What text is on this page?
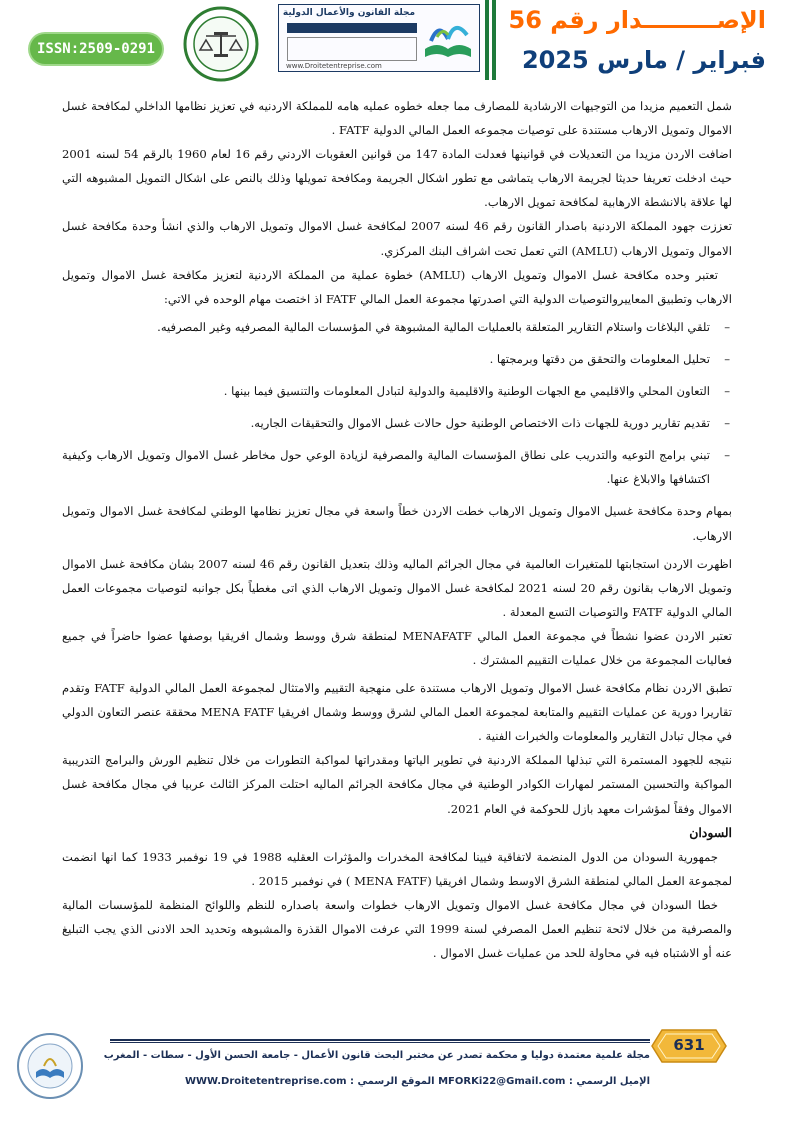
ISSN:2509-0291
مجلة القانون والأعمال الدولية
www.Droitetentreprise.com
الإصـــــــــدار رقم 56
فبراير / مارس 2025

شمل التعميم مزيدا من التوجيهات الارشادية للمصارف مما جعله خطوه عمليه هامه للمملكة الاردنيه في تعزيز نظامها الداخلي لمكافحة غسل الاموال وتمويل الارهاب مستندة على توصيات مجموعه العمل المالي الدولية FATF .

اضافت الاردن مزيدا من التعديلات في قوانينها فعدلت المادة 147 من قوانين العقوبات الاردني رقم 16 لعام 1960 بالرقم 54 لسنه 2001 حيث ادخلت تعريفا حديثا لجريمة الارهاب يتماشى مع تطور اشكال الجريمة ومكافحة تمويلها وذلك بالنص على اشكال التمويل المشبوهه التي لها علاقة بالانشطة الارهابية لمكافحة تمويل الارهاب.

تعززت جهود المملكة الاردنية باصدار القانون رقم 46 لسنه 2007 لمكافحة غسل الاموال وتمويل الارهاب والذي انشأ وحدة مكافحة غسل الاموال وتمويل الارهاب (AMLU) التي تعمل تحت اشراف البنك المركزي.

تعتبر وحده مكافحة غسل الاموال وتمويل الارهاب (AMLU) خطوة عملية من المملكة الاردنية لتعزيز مكافحة غسل الاموال وتمويل الارهاب وتطبيق المعاييروالتوصيات الدولية التي اصدرتها مجموعة العمل المالي FATF اذ اختصت مهام الوحده في الاتي:

–
تلقي البلاغات واستلام التقارير المتعلقة بالعمليات المالية المشبوهة في المؤسسات المالية المصرفيه وغير المصرفيه.
–
تحليل المعلومات والتحقق من دقتها وبرمجتها .
–
التعاون المحلي والاقليمي مع الجهات الوطنية والاقليمية والدولية لتبادل المعلومات والتنسيق فيما بينها .
–
تقديم تقارير دورية للجهات ذات الاختصاص الوطنية حول حالات غسل الاموال والتحقيقات الجاريه.
–
تبني برامج التوعيه والتدريب على نطاق المؤسسات المالية والمصرفية لزيادة الوعي حول مخاطر غسل الاموال وتمويل الارهاب وكيفية اكتشافها والابلاغ عنها.

بمهام وحدة مكافحة غسيل الاموال وتمويل الارهاب خطت الاردن خطاً واسعة في مجال تعزيز نظامها الوطني لمكافحة غسل الاموال وتمويل الارهاب.

اظهرت الاردن استجابتها للمتغيرات العالمية في مجال الجرائم الماليه وذلك بتعديل القانون رقم 46 لسنه 2007 بشان مكافحة غسل الاموال وتمويل الارهاب بقانون رقم 20 لسنه 2021 لمكافحة غسل الاموال وتمويل الارهاب الذي اتى مغطياً بكل جوانبه لتوصيات مجموعات العمل المالي الدولية FATF والتوصيات التسع المعدلة .

تعتبر الاردن عضوا نشطاً في مجموعة العمل المالي MENAFATF لمنطقة شرق ووسط وشمال افريقيا بوصفها عضوا حاضراً في جميع فعاليات المجموعة من خلال عمليات التقييم المشترك .

تطبق الاردن نظام مكافحة غسل الاموال وتمويل الارهاب مستندة على منهجية التقييم والامتثال لمجموعة العمل المالي الدولية FATF وتقدم تقاريرا دورية عن عمليات التقييم والمتابعة لمجموعة العمل المالي لشرق ووسط وشمال افريقيا MENA FATF محققة عنصر التعاون الدولي في مجال تبادل التقارير والمعلومات والخبرات الفنية .

نتيجه للجهود المستمرة التي تبذلها المملكة الاردنية في تطوير الياتها ومقدراتها لمواكبة التطورات من خلال تنظيم الورش والبرامج التدريبية المواكبة والتحسين المستمر لمهارات الكوادر الوطنية في مجال مكافحة الجرائم الماليه احتلت المركز الثالث عربيا في مجال مكافحة غسل الاموال وفقاً لمؤشرات معهد بازل للحوكمة في العام 2021.

السودان

جمهورية السودان من الدول المنضمة لاتفاقية فيينا لمكافحة المخدرات والمؤثرات العقليه 1988 في 19 نوفمبر 1933 كما انها انضمت لمجموعة العمل المالي لمنطقة الشرق الاوسط وشمال افريقيا (MENA FATF ) في نوفمبر 2015 .

خطا السودان في مجال مكافحة غسل الاموال وتمويل الارهاب خطوات واسعة باصداره للنظم واللوائح المنظمة للمؤسسات المالية والمصرفية من خلال لائحة تنظيم العمل المصرفي لسنة 1999 التي عرفت الاموال القذرة والمشبوهه وتحديد الحد الادنى الذي يجب التبليغ عنه أو الاشتباه فيه في محاولة للحد من عمليات غسل الاموال .

631
مجلة علمية معتمدة دوليا و محكمة تصدر عن مختبر البحث قانون الأعمال - جامعة الحسن الأول - سطات - المغرب
الإميل الرسمي : MFORKi22@Gmail.com الموقع الرسمي : WWW.Droitetentreprise.com
